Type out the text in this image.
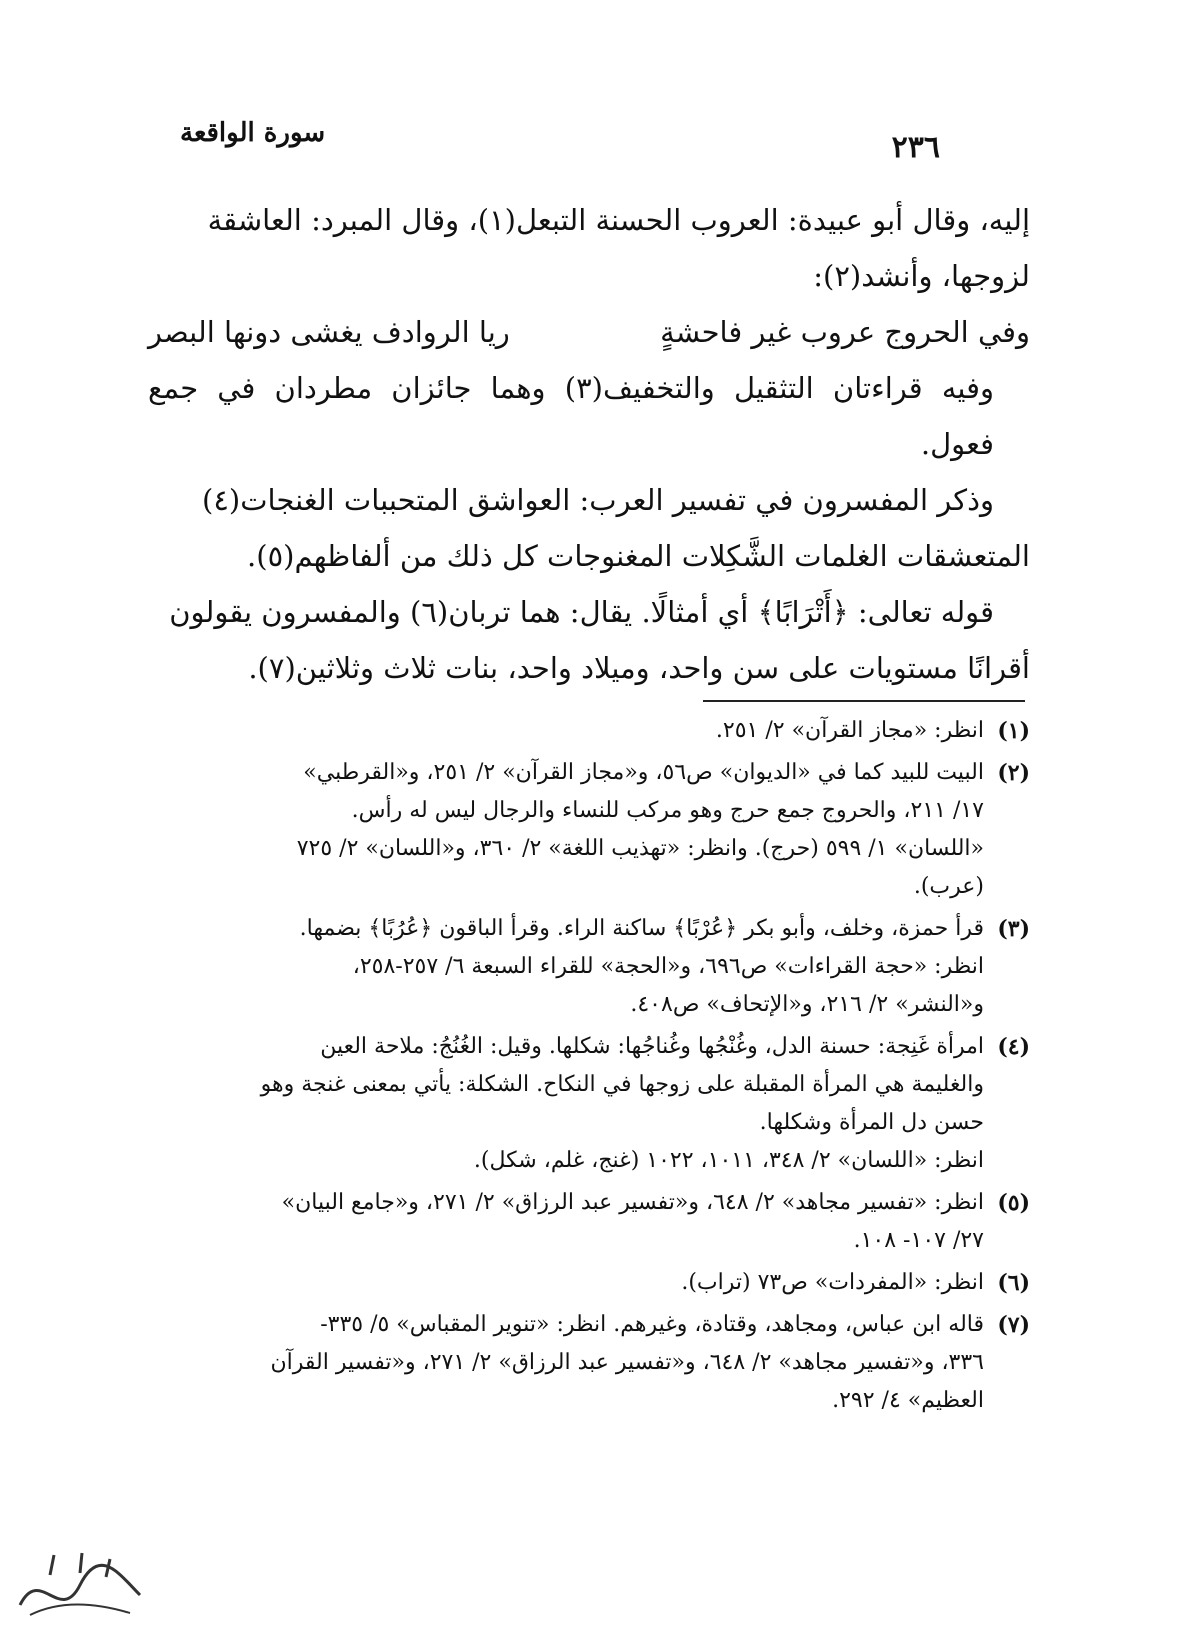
سورة الواقعة	٢٣٦

إليه، وقال أبو عبيدة: العروب الحسنة التبعل(١)، وقال المبرد: العاشقة

لزوجها، وأنشد(٢):

وفي الحروج عروب غير فاحشةٍ
ريا الروادف يغشى دونها البصر

وفيه قراءتان التثقيل والتخفيف(٣) وهما جائزان مطردان في جمع فعول.

وذكر المفسرون في تفسير العرب: العواشق المتحببات الغنجات(٤)

المتعشقات الغلمات الشَّكِلات المغنوجات كل ذلك من ألفاظهم(٥).

قوله تعالى: ﴿أَتْرَابًا﴾ أي أمثالًا. يقال: هما تربان(٦) والمفسرون يقولون

أقرانًا مستويات على سن واحد، وميلاد واحد، بنات ثلاث وثلاثين(٧).

(١)
انظر: «مجاز القرآن» ٢/ ٢٥١.
(٢)
البيت للبيد كما في «الديوان» ص٥٦، و«مجاز القرآن» ٢/ ٢٥١، و«القرطبي»
١٧/ ٢١١، والحروج جمع حرج وهو مركب للنساء والرجال ليس له رأس.
«اللسان» ١/ ٥٩٩ (حرج). وانظر: «تهذيب اللغة» ٢/ ٣٦٠، و«اللسان» ٢/ ٧٢٥
(عرب).
(٣)
قرأ حمزة، وخلف، وأبو بكر ﴿عُرْبًا﴾ ساكنة الراء. وقرأ الباقون ﴿عُرُبًا﴾ بضمها.
انظر: «حجة القراءات» ص٦٩٦، و«الحجة» للقراء السبعة ٦/ ٢٥٧-٢٥٨،
و«النشر» ٢/ ٢١٦، و«الإتحاف» ص٤٠٨.
(٤)
امرأة غَنِجة: حسنة الدل، وغُنْجُها وغُناجُها: شكلها. وقيل: الغُنُجُ: ملاحة العين
والغليمة هي المرأة المقبلة على زوجها في النكاح. الشكلة: يأتي بمعنى غنجة وهو
حسن دل المرأة وشكلها.
انظر: «اللسان» ٢/ ٣٤٨، ١٠١١، ١٠٢٢ (غنج، غلم، شكل).
(٥)
انظر: «تفسير مجاهد» ٢/ ٦٤٨، و«تفسير عبد الرزاق» ٢/ ٢٧١، و«جامع البيان»
٢٧/ ١٠٧- ١٠٨.
(٦)
انظر: «المفردات» ص٧٣ (تراب).
(٧)
قاله ابن عباس، ومجاهد، وقتادة، وغيرهم. انظر: «تنوير المقباس» ٥/ ٣٣٥-
٣٣٦، و«تفسير مجاهد» ٢/ ٦٤٨، و«تفسير عبد الرزاق» ٢/ ٢٧١، و«تفسير القرآن
العظيم» ٤/ ٢٩٢.
